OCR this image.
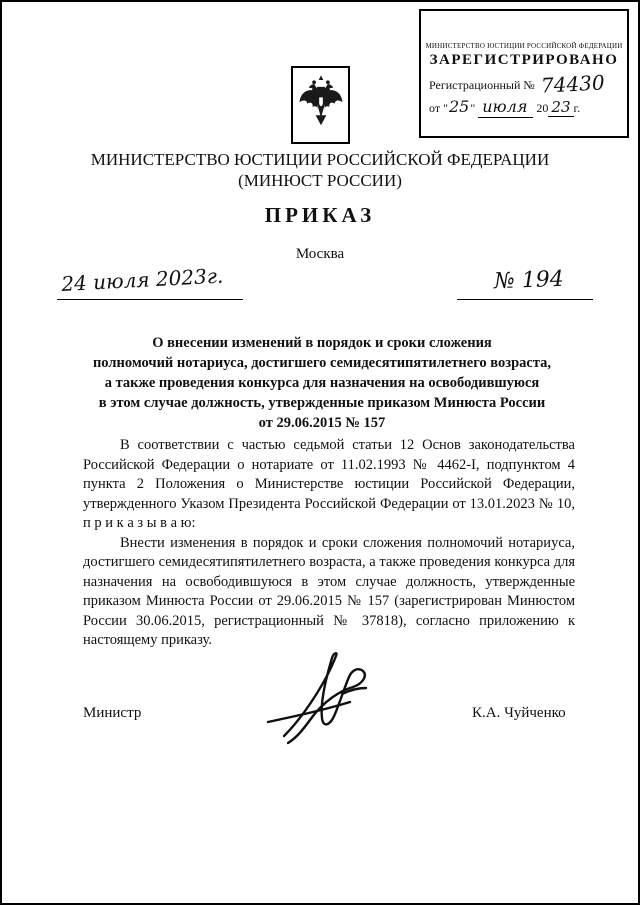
МИНИСТЕРСТВО ЮСТИЦИИ РОССИЙСКОЙ ФЕДЕРАЦИИ
ЗАРЕГИСТРИРОВАНО
Регистрационный № 74430
от "25" июля 20 23 г.
МИНИСТЕРСТВО ЮСТИЦИИ РОССИЙСКОЙ ФЕДЕРАЦИИ
(МИНЮСТ РОССИИ)
ПРИКАЗ
Москва
24 июля 2023г.	№ 194
О внесении изменений в порядок и сроки сложения
полномочий нотариуса, достигшего семидесятипятилетнего возраста,
а также проведения конкурса для назначения на освободившуюся
в этом случае должность, утвержденные приказом Минюста России
от 29.06.2015 № 157

В соответствии с частью седьмой статьи 12 Основ законодательства Российской Федерации о нотариате от 11.02.1993 № 4462-I, подпунктом 4 пункта 2 Положения о Министерстве юстиции Российской Федерации, утвержденного Указом Президента Российской Федерации от 13.01.2023 № 10, п р и к а з ы в а ю:

Внести изменения в порядок и сроки сложения полномочий нотариуса, достигшего семидесятипятилетнего возраста, а также проведения конкурса для назначения на освободившуюся в этом случае должность, утвержденные приказом Минюста России от 29.06.2015 № 157 (зарегистрирован Минюстом России 30.06.2015, регистрационный № 37818), согласно приложению к настоящему приказу.

Министр	К.А. Чуйченко
